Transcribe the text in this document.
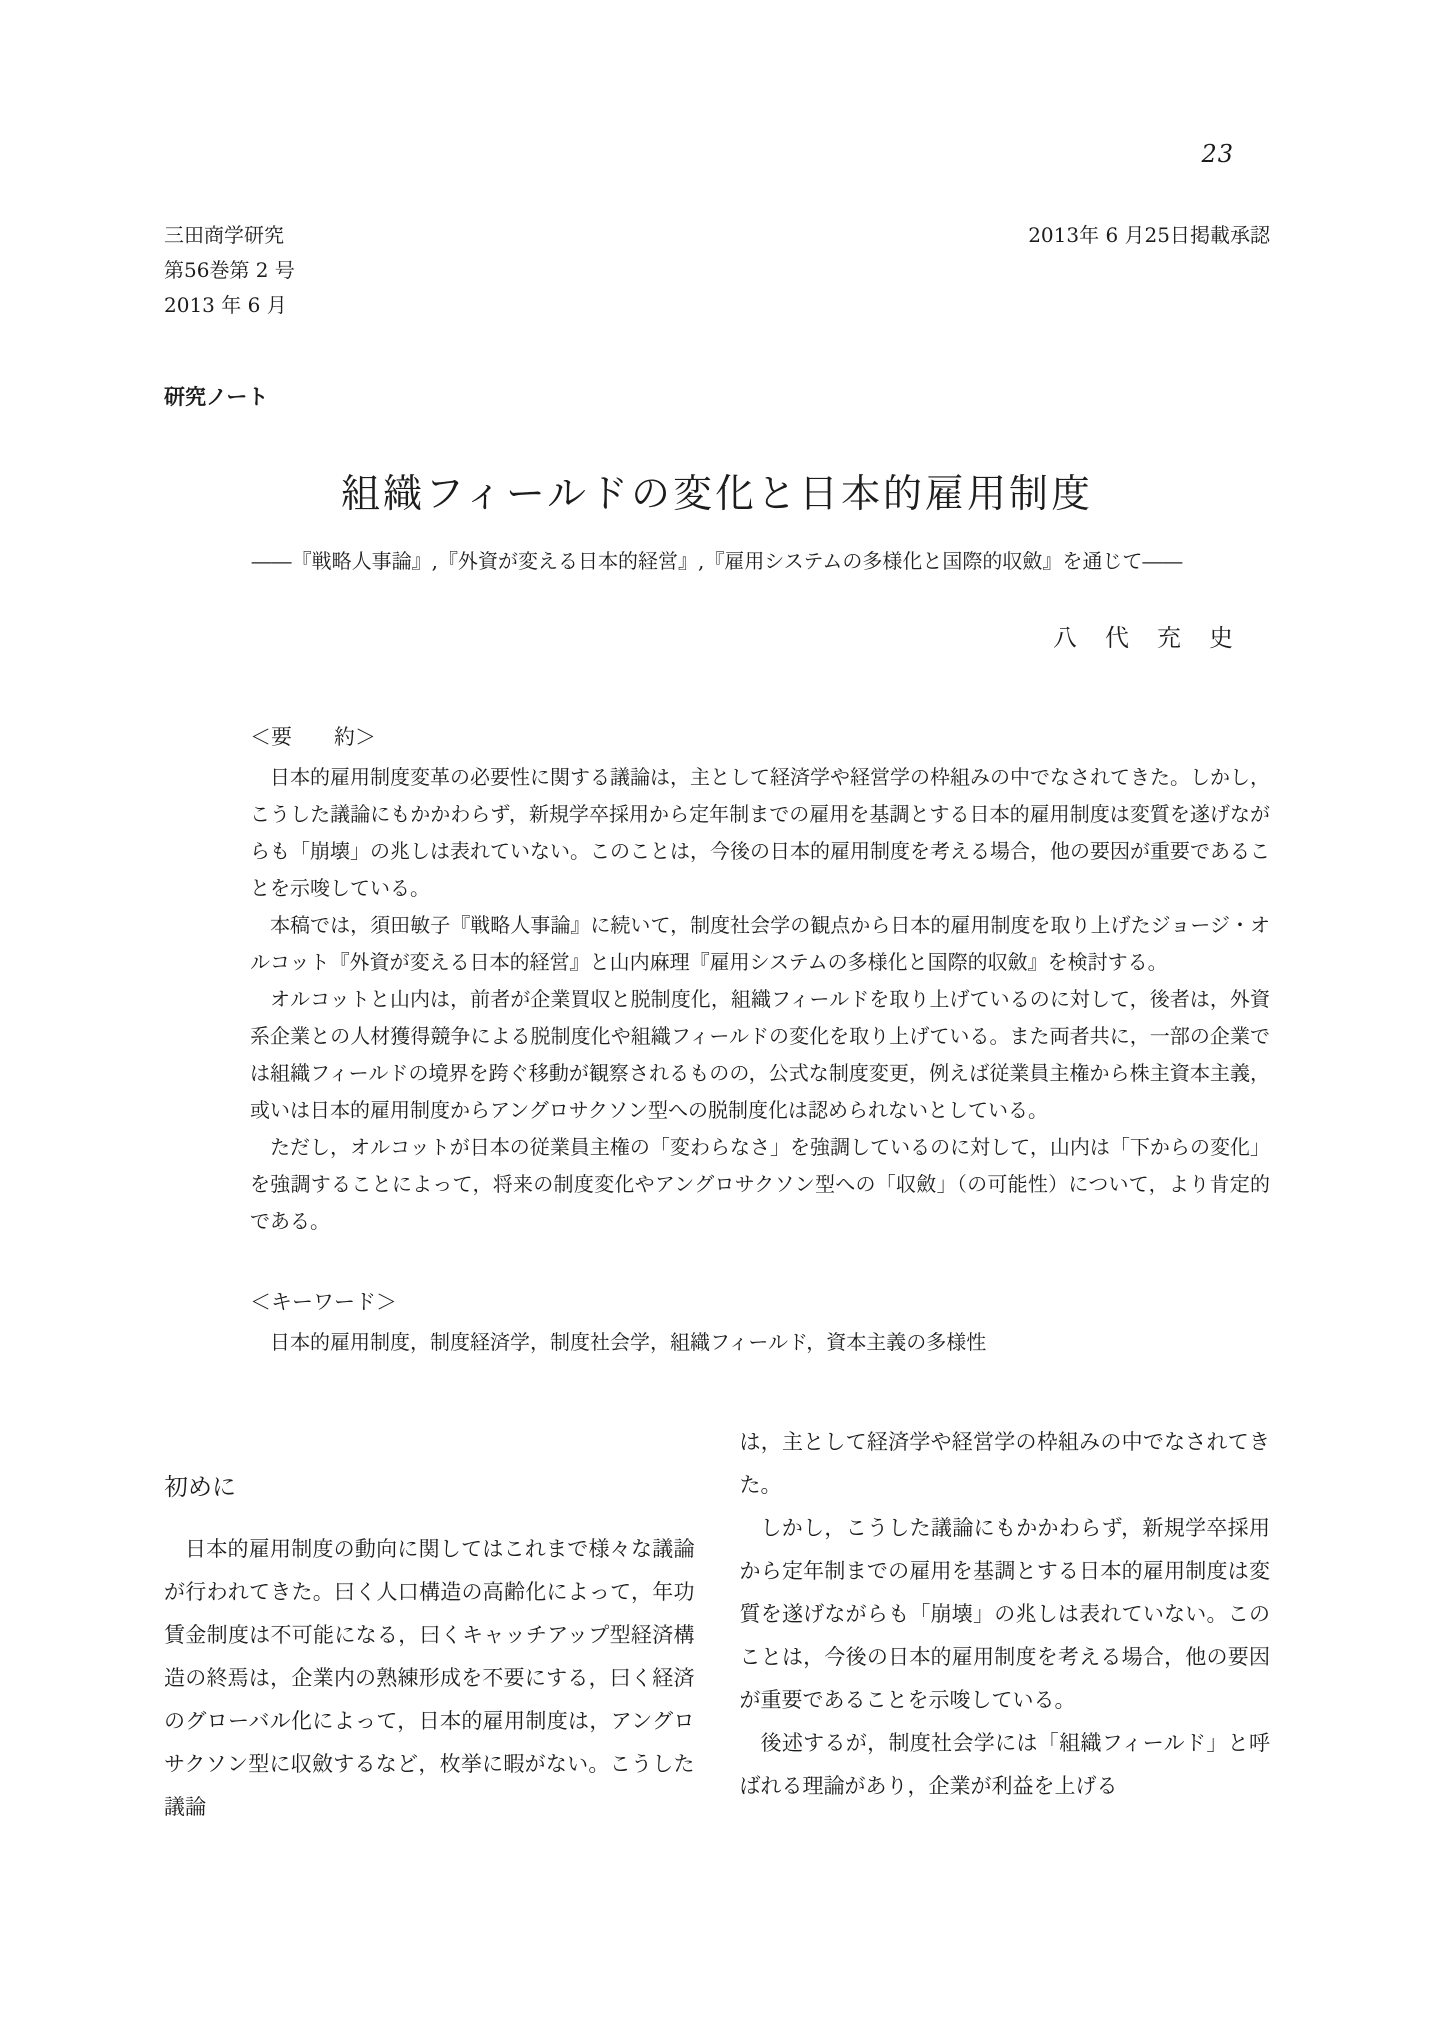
23
三田商学研究
第56巻第 2 号
2013 年 6 月
2013年 6 月25日掲載承認
研究ノート
組織フィールドの変化と日本的雇用制度
――『戦略人事論』,『外資が変える日本的経営』,『雇用システムの多様化と国際的収斂』を通じて――
八　代　充　史
＜要　　約＞

日本的雇用制度変革の必要性に関する議論は，主として経済学や経営学の枠組みの中でなされてきた。しかし，こうした議論にもかかわらず，新規学卒採用から定年制までの雇用を基調とする日本的雇用制度は変質を遂げながらも「崩壊」の兆しは表れていない。このことは，今後の日本的雇用制度を考える場合，他の要因が重要であることを示唆している。

本稿では，須田敏子『戦略人事論』に続いて，制度社会学の観点から日本的雇用制度を取り上げたジョージ・オルコット『外資が変える日本的経営』と山内麻理『雇用システムの多様化と国際的収斂』を検討する。

オルコットと山内は，前者が企業買収と脱制度化，組織フィールドを取り上げているのに対して，後者は，外資系企業との人材獲得競争による脱制度化や組織フィールドの変化を取り上げている。また両者共に，一部の企業では組織フィールドの境界を跨ぐ移動が観察されるものの，公式な制度変更，例えば従業員主権から株主資本主義，或いは日本的雇用制度からアングロサクソン型への脱制度化は認められないとしている。

ただし，オルコットが日本の従業員主権の「変わらなさ」を強調しているのに対して，山内は「下からの変化」を強調することによって，将来の制度変化やアングロサクソン型への「収斂」（の可能性）について，より肯定的である。

＜キーワード＞
日本的雇用制度，制度経済学，制度社会学，組織フィールド，資本主義の多様性
初めに

日本的雇用制度の動向に関してはこれまで様々な議論が行われてきた。曰く人口構造の高齢化によって，年功賃金制度は不可能になる，曰くキャッチアップ型経済構造の終焉は，企業内の熟練形成を不要にする，曰く経済のグローバル化によって，日本的雇用制度は，アングロサクソン型に収斂するなど，枚挙に暇がない。こうした議論

は，主として経済学や経営学の枠組みの中でなされてきた。

しかし，こうした議論にもかかわらず，新規学卒採用から定年制までの雇用を基調とする日本的雇用制度は変質を遂げながらも「崩壊」の兆しは表れていない。このことは，今後の日本的雇用制度を考える場合，他の要因が重要であることを示唆している。

後述するが，制度社会学には「組織フィールド」と呼ばれる理論があり，企業が利益を上げる
